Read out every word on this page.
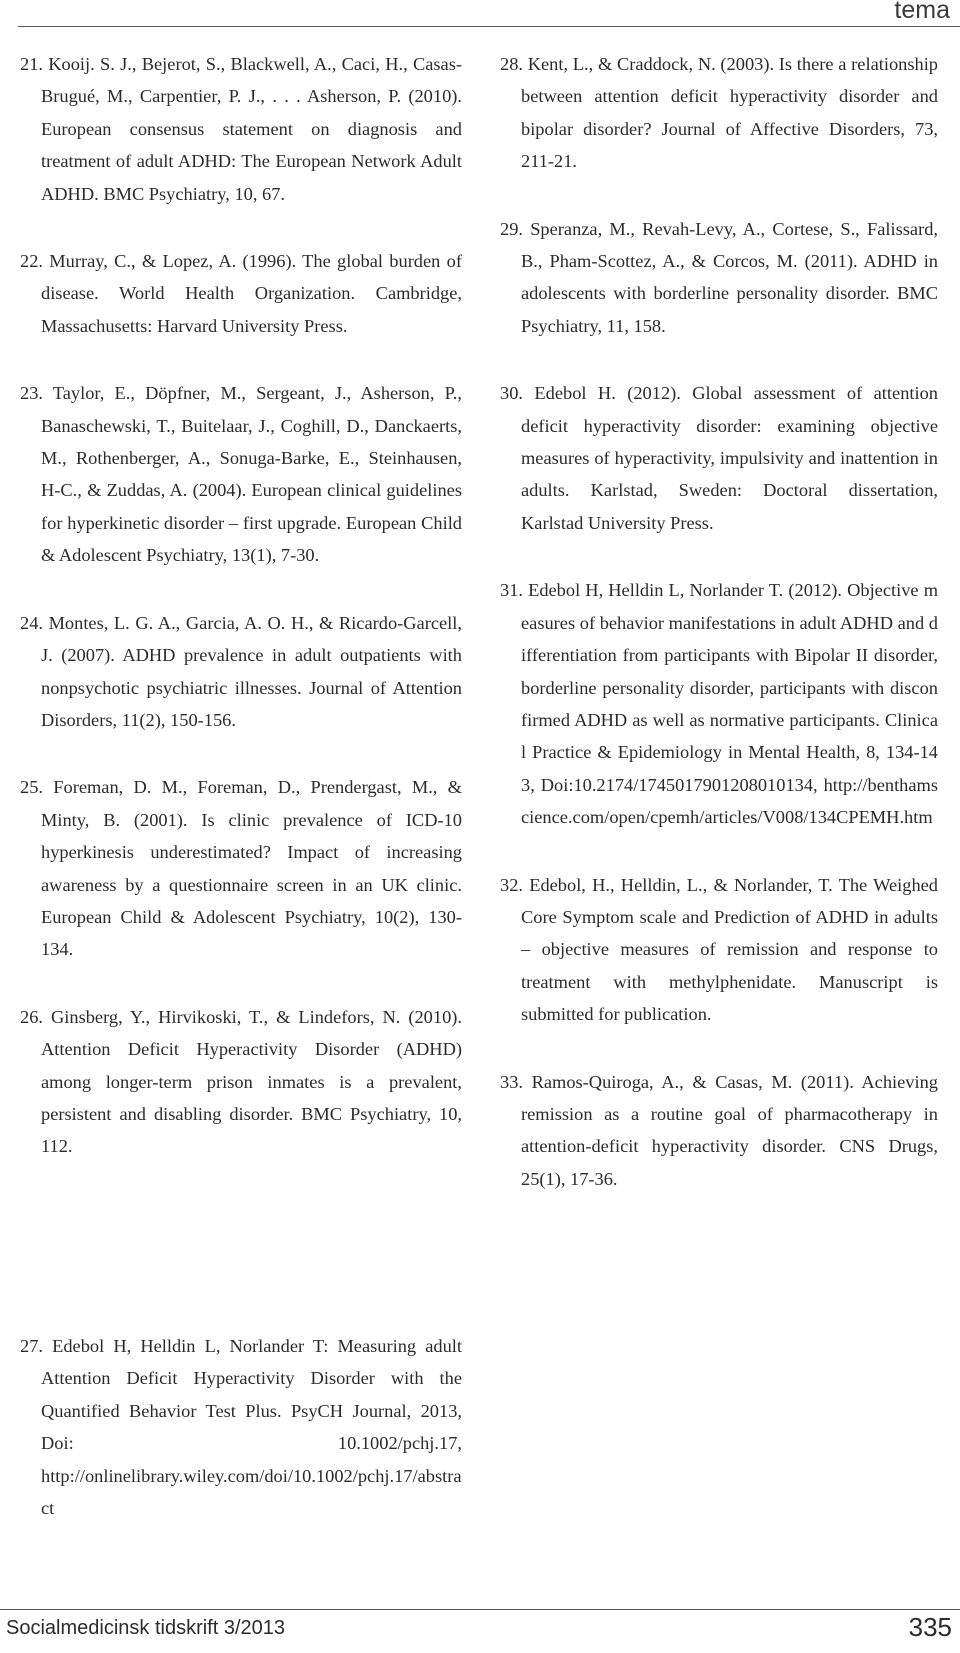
tema

21. Kooij. S. J., Bejerot, S., Blackwell, A., Caci, H., Casas-Brugué, M., Carpentier, P. J., . . . Asherson, P. (2010). European consensus statement on diagnosis and treatment of adult ADHD: The European Network Adult ADHD. BMC Psychiatry, 10, 67.

22. Murray, C., & Lopez, A. (1996). The global burden of disease. World Health Organization. Cambridge, Massachusetts: Harvard University Press.

23. Taylor, E., Döpfner, M., Sergeant, J., Asherson, P., Banaschewski, T., Buitelaar, J., Coghill, D., Danckaerts, M., Rothenberger, A., Sonuga-Barke, E., Steinhausen, H-C., & Zuddas, A. (2004). European clinical guidelines for hyperkinetic disorder – first upgrade. European Child & Adolescent Psychiatry, 13(1), 7-30.

24. Montes, L. G. A., Garcia, A. O. H., & Ricardo-Garcell, J. (2007). ADHD prevalence in adult outpatients with nonpsychotic psychiatric illnesses. Journal of Attention Disorders, 11(2), 150-156.

25. Foreman, D. M., Foreman, D., Prendergast, M., & Minty, B. (2001). Is clinic prevalence of ICD-10 hyperkinesis underestimated? Impact of increasing awareness by a questionnaire screen in an UK clinic. European Child & Adolescent Psychiatry, 10(2), 130-134.

26. Ginsberg, Y., Hirvikoski, T., & Lindefors, N. (2010). Attention Deficit Hyperactivity Disorder (ADHD) among longer-term prison inmates is a prevalent, persistent and disabling disorder. BMC Psychiatry, 10, 112.

28. Kent, L., & Craddock, N. (2003). Is there a relationship between attention deficit hyperactivity disorder and bipolar disorder? Journal of Affective Disorders, 73, 211-21.

29. Speranza, M., Revah-Levy, A., Cortese, S., Falissard, B., Pham-Scottez, A., & Corcos, M. (2011). ADHD in adolescents with borderline personality disorder. BMC Psychiatry, 11, 158.

30. Edebol H. (2012). Global assessment of attention deficit hyperactivity disorder: examining objective measures of hyperactivity, impulsivity and inattention in adults. Karlstad, Sweden: Doctoral dissertation, Karlstad University Press.

31. Edebol H, Helldin L, Norlander T. (2012). Objective measures of behavior manifestations in adult ADHD and differentiation from participants with Bipolar II disorder, borderline personality disorder, participants with disconfirmed ADHD as well as normative participants. Clinical Practice & Epidemiology in Mental Health, 8, 134-143, Doi:10.2174/1745017901208010134, http://benthamscience.com/open/cpemh/articles/V008/134CPEMH.htm

32. Edebol, H., Helldin, L., & Norlander, T. The Weighed Core Symptom scale and Prediction of ADHD in adults – objective measures of remission and response to treatment with methylphenidate. Manuscript is submitted for publication.

33. Ramos-Quiroga, A., & Casas, M. (2011). Achieving remission as a routine goal of pharmacotherapy in attention-deficit hyperactivity disorder. CNS Drugs, 25(1), 17-36.

27. Edebol H, Helldin L, Norlander T: Measuring adult Attention Deficit Hyperactivity Disorder with the Quantified Behavior Test Plus. PsyCH Journal, 2013, Doi: 10.1002/pchj.17, http://onlinelibrary.wiley.com/doi/10.1002/pchj.17/abstract

Socialmedicinsk tidskrift 3/2013	335
